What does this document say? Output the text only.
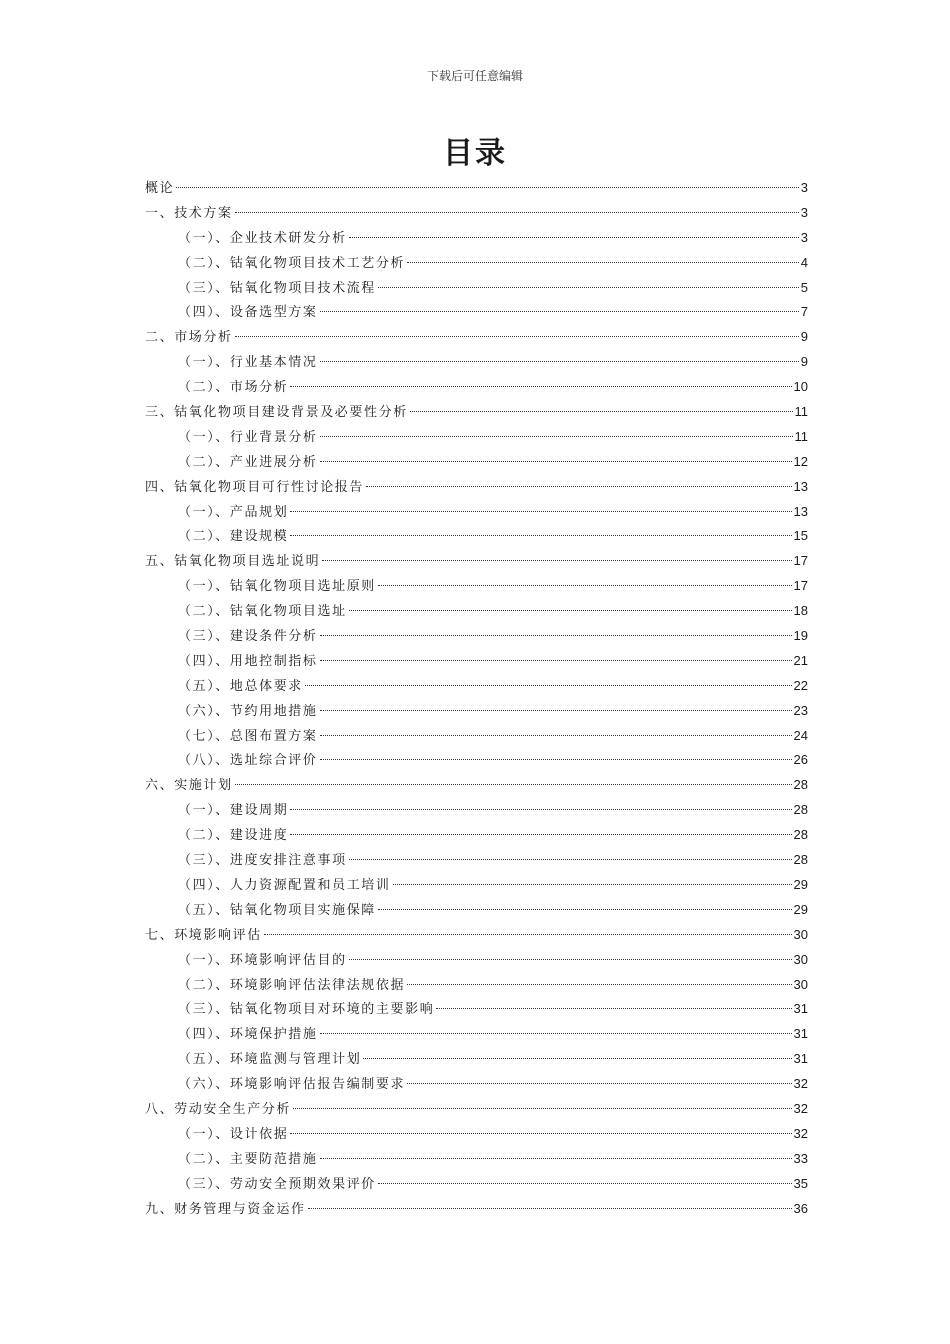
下载后可任意编辑
目录
概论	3
一、技术方案	3
（一）、企业技术研发分析	3
（二）、钴氧化物项目技术工艺分析	4
（三）、钴氧化物项目技术流程	5
（四）、设备选型方案	7
二、市场分析	9
（一）、行业基本情况	9
（二）、市场分析	10
三、钴氧化物项目建设背景及必要性分析	11
（一）、行业背景分析	11
（二）、产业进展分析	12
四、钴氧化物项目可行性讨论报告	13
（一）、产品规划	13
（二）、建设规模	15
五、钴氧化物项目选址说明	17
（一）、钴氧化物项目选址原则	17
（二）、钴氧化物项目选址	18
（三）、建设条件分析	19
（四）、用地控制指标	21
（五）、地总体要求	22
（六）、节约用地措施	23
（七）、总图布置方案	24
（八）、选址综合评价	26
六、实施计划	28
（一）、建设周期	28
（二）、建设进度	28
（三）、进度安排注意事项	28
（四）、人力资源配置和员工培训	29
（五）、钴氧化物项目实施保障	29
七、环境影响评估	30
（一）、环境影响评估目的	30
（二）、环境影响评估法律法规依据	30
（三）、钴氧化物项目对环境的主要影响	31
（四）、环境保护措施	31
（五）、环境监测与管理计划	31
（六）、环境影响评估报告编制要求	32
八、劳动安全生产分析	32
（一）、设计依据	32
（二）、主要防范措施	33
（三）、劳动安全预期效果评价	35
九、财务管理与资金运作	36
